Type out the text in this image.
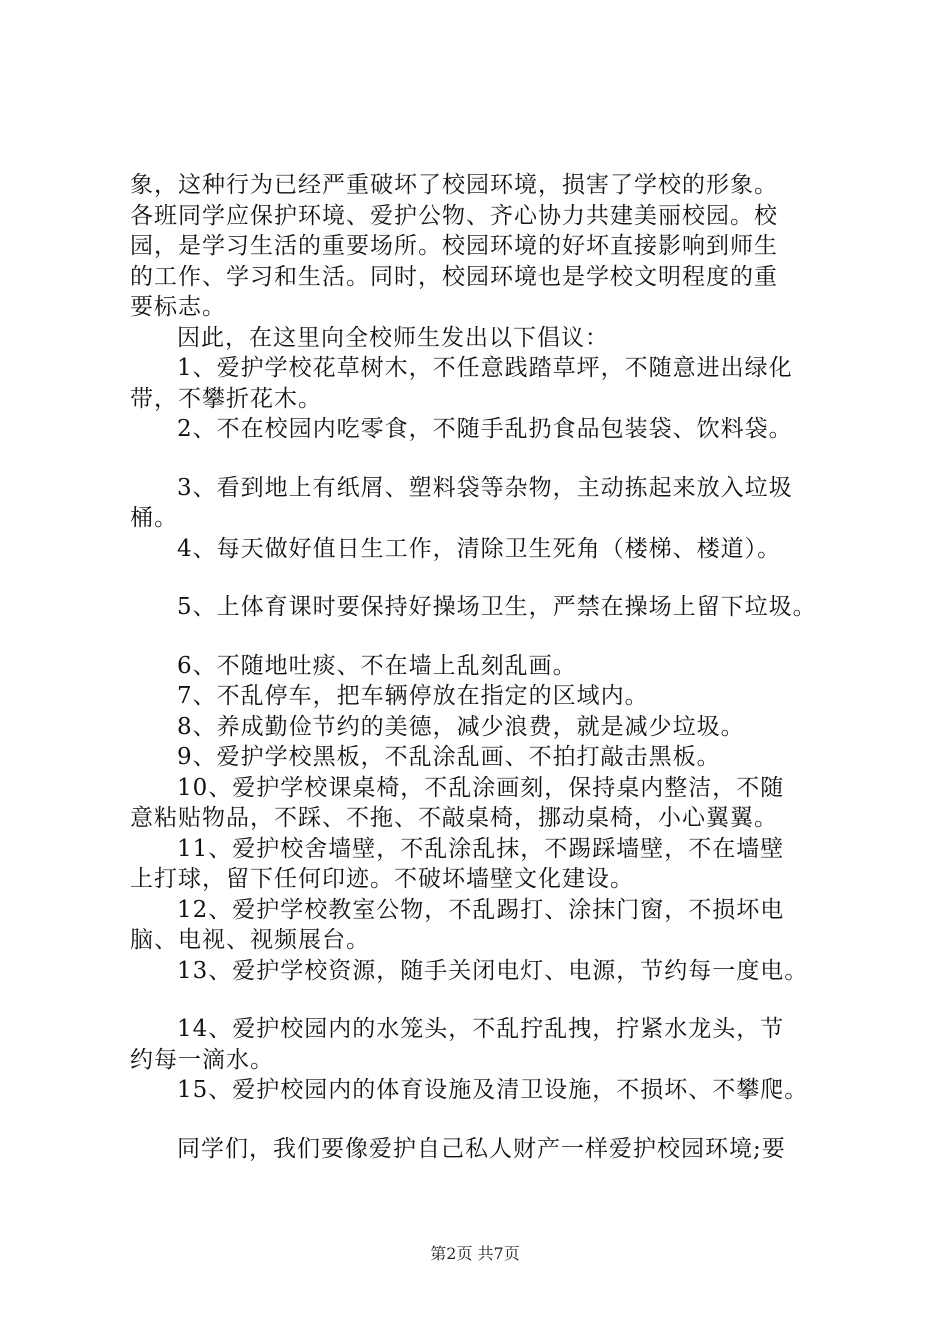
象，这种行为已经严重破坏了校园环境，损害了学校的形象。
各班同学应保护环境、爱护公物、齐心协力共建美丽校园。校
园，是学习生活的重要场所。校园环境的好坏直接影响到师生
的工作、学习和生活。同时，校园环境也是学校文明程度的重
要标志。
因此，在这里向全校师生发出以下倡议：
1、爱护学校花草树木，不任意践踏草坪，不随意进出绿化
带，不攀折花木。
2、不在校园内吃零食，不随手乱扔食品包装袋、饮料袋。
3、看到地上有纸屑、塑料袋等杂物，主动拣起来放入垃圾
桶。
4、每天做好值日生工作，清除卫生死角（楼梯、楼道）。
5、上体育课时要保持好操场卫生，严禁在操场上留下垃圾。
6、不随地吐痰、不在墙上乱刻乱画。
7、不乱停车，把车辆停放在指定的区域内。
8、养成勤俭节约的美德，减少浪费，就是减少垃圾。
9、爱护学校黑板，不乱涂乱画、不拍打敲击黑板。
10、爱护学校课桌椅，不乱涂画刻，保持桌内整洁，不随
意粘贴物品，不踩、不拖、不敲桌椅，挪动桌椅，小心翼翼。
11、爱护校舍墙壁，不乱涂乱抹，不踢踩墙壁，不在墙壁
上打球，留下任何印迹。不破坏墙壁文化建设。
12、爱护学校教室公物，不乱踢打、涂抹门窗，不损坏电
脑、电视、视频展台。
13、爱护学校资源，随手关闭电灯、电源，节约每一度电。
14、爱护校园内的水笼头，不乱拧乱拽，拧紧水龙头，节
约每一滴水。
15、爱护校园内的体育设施及清卫设施，不损坏、不攀爬。
同学们，我们要像爱护自己私人财产一样爱护校园环境;要
第2页 共7页
